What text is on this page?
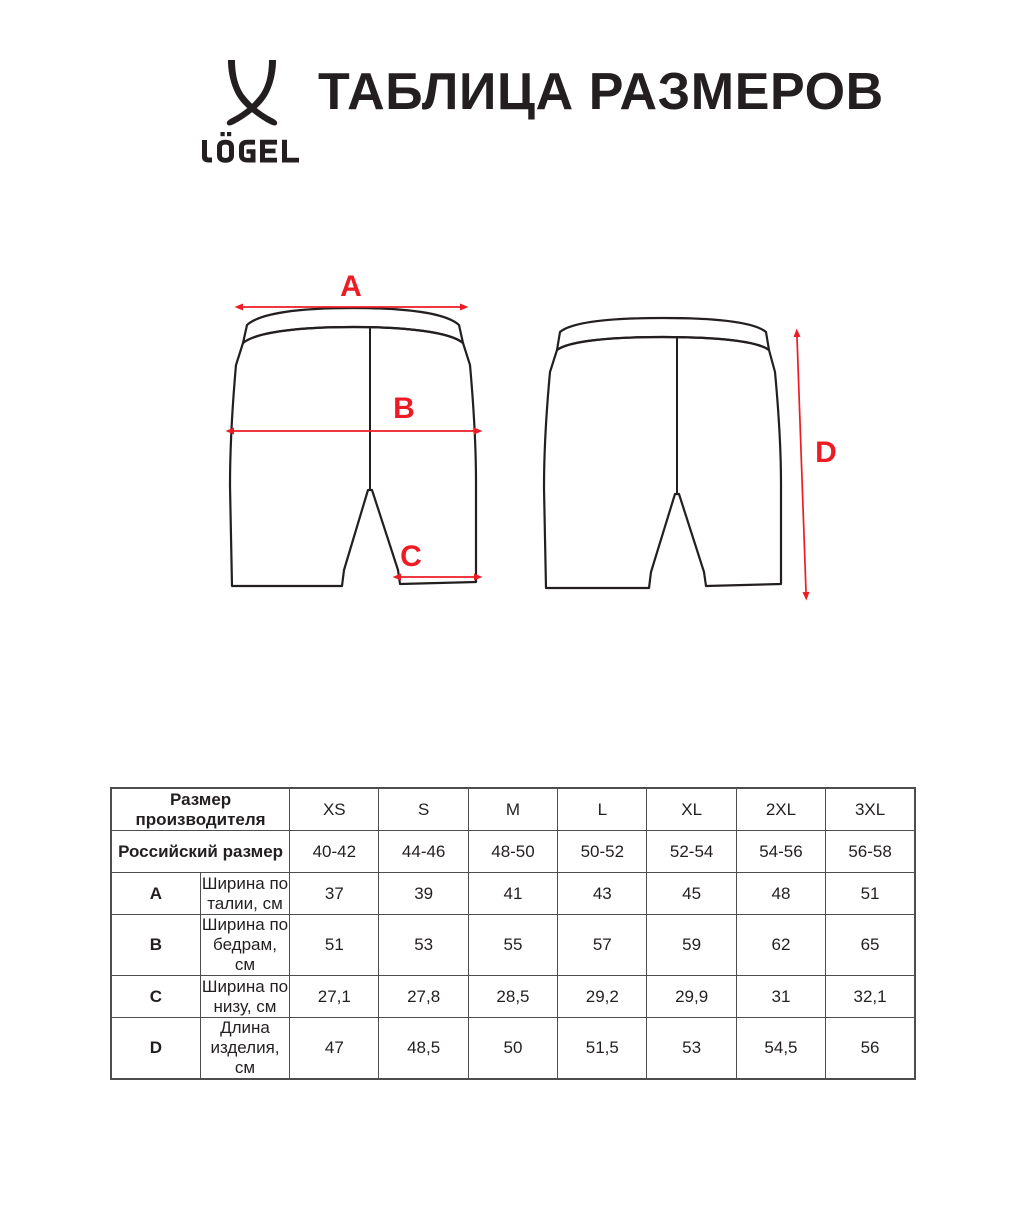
ТАБЛИЦА РАЗМЕРОВ
A
B
C
D
Размер производителя		XS	S	M	L	XL	2XL	3XL
Российский размер		40-42	44-46	48-50	50-52	52-54	54-56	56-58
A	Ширина по талии, см	37	39	41	43	45	48	51
B	Ширина по бедрам, см	51	53	55	57	59	62	65
C	Ширина по низу, см	27,1	27,8	28,5	29,2	29,9	31	32,1
D	Длина изделия, см	47	48,5	50	51,5	53	54,5	56
